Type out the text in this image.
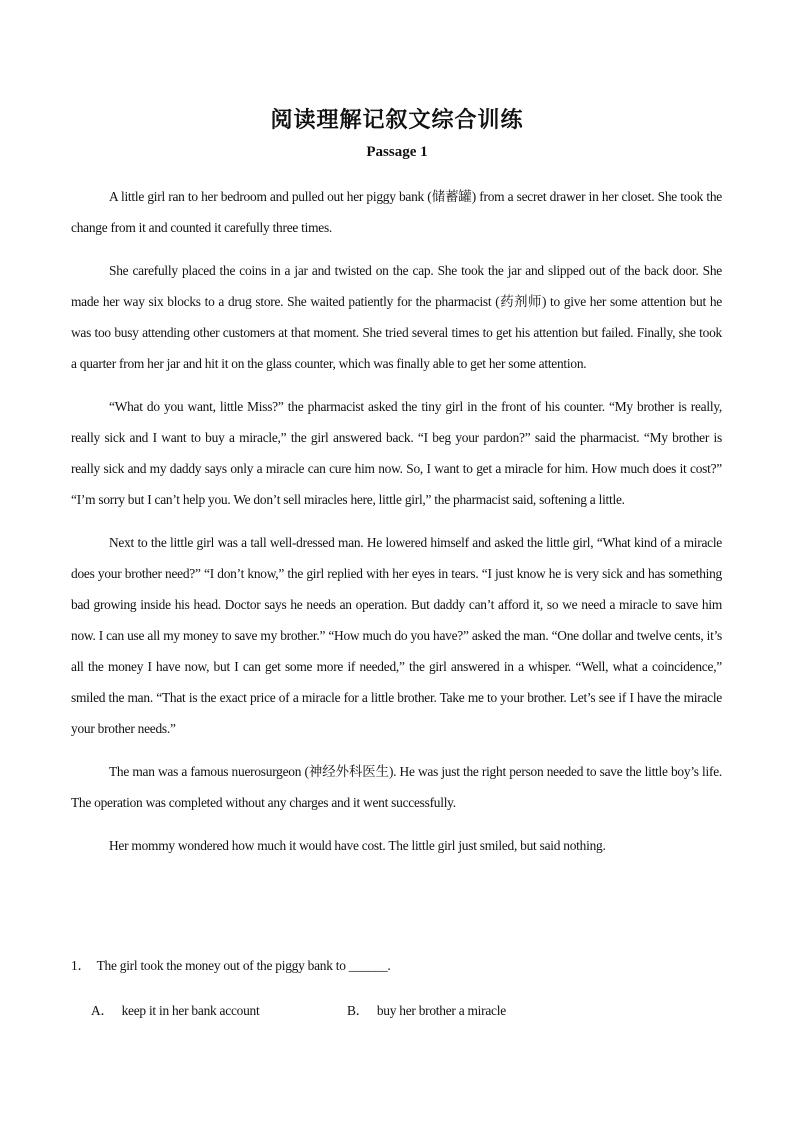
阅读理解记叙文综合训练
Passage 1

A little girl ran to her bedroom and pulled out her piggy bank (储蓄罐) from a secret drawer in her closet. She took the change from it and counted it carefully three times.

She carefully placed the coins in a jar and twisted on the cap. She took the jar and slipped out of the back door. She made her way six blocks to a drug store. She waited patiently for the pharmacist (药剂师) to give her some attention but he was too busy attending other customers at that moment. She tried several times to get his attention but failed. Finally, she took a quarter from her jar and hit it on the glass counter, which was finally able to get her some attention.

“What do you want, little Miss?” the pharmacist asked the tiny girl in the front of his counter. “My brother is really, really sick and I want to buy a miracle,” the girl answered back. “I beg your pardon?” said the pharmacist. “My brother is really sick and my daddy says only a miracle can cure him now. So, I want to get a miracle for him. How much does it cost?” “I’m sorry but I can’t help you. We don’t sell miracles here, little girl,” the pharmacist said, softening a little.

Next to the little girl was a tall well-dressed man. He lowered himself and asked the little girl, “What kind of a miracle does your brother need?” “I don’t know,” the girl replied with her eyes in tears. “I just know he is very sick and has something bad growing inside his head. Doctor says he needs an operation. But daddy can’t afford it, so we need a miracle to save him now. I can use all my money to save my brother.” “How much do you have?” asked the man. “One dollar and twelve cents, it’s all the money I have now, but I can get some more if needed,” the girl answered in a whisper. “Well, what a coincidence,” smiled the man. “That is the exact price of a miracle for a little brother. Take me to your brother. Let’s see if I have the miracle your brother needs.”

The man was a famous nuerosurgeon (神经外科医生). He was just the right person needed to save the little boy’s life. The operation was completed without any charges and it went successfully.

Her mommy wondered how much it would have cost. The little girl just smiled, but said nothing.

1． The girl took the money out of the piggy bank to ______.
A． keep it in her bank account	B． buy her brother a miracle
